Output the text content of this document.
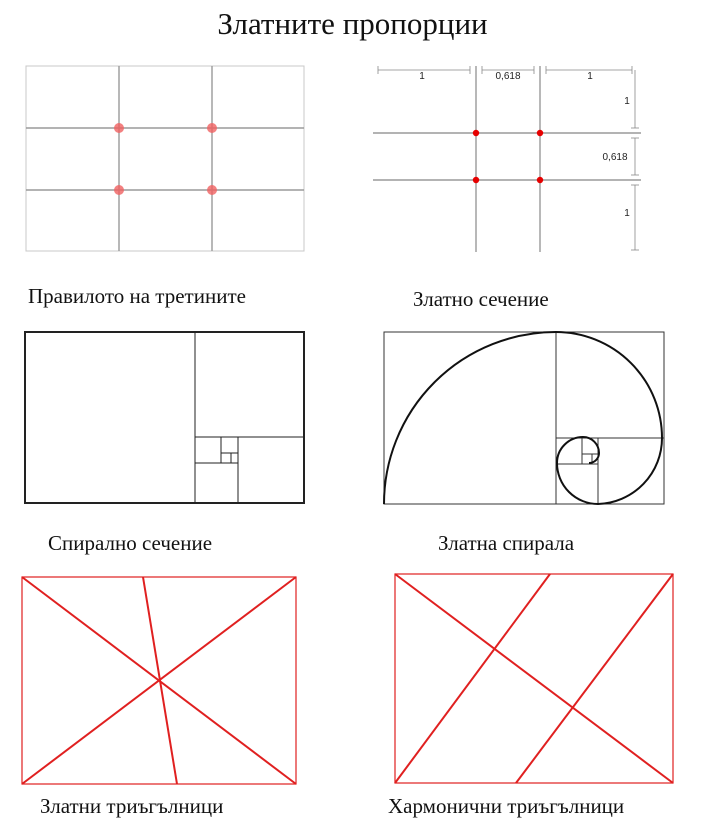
Златните пропорции
1	0,618	1
1
0,618
1
Правилото на третините	Златно сечение
Спирално сечение	Златна спирала
Златни триъгълници	Хармонични триъгълници
